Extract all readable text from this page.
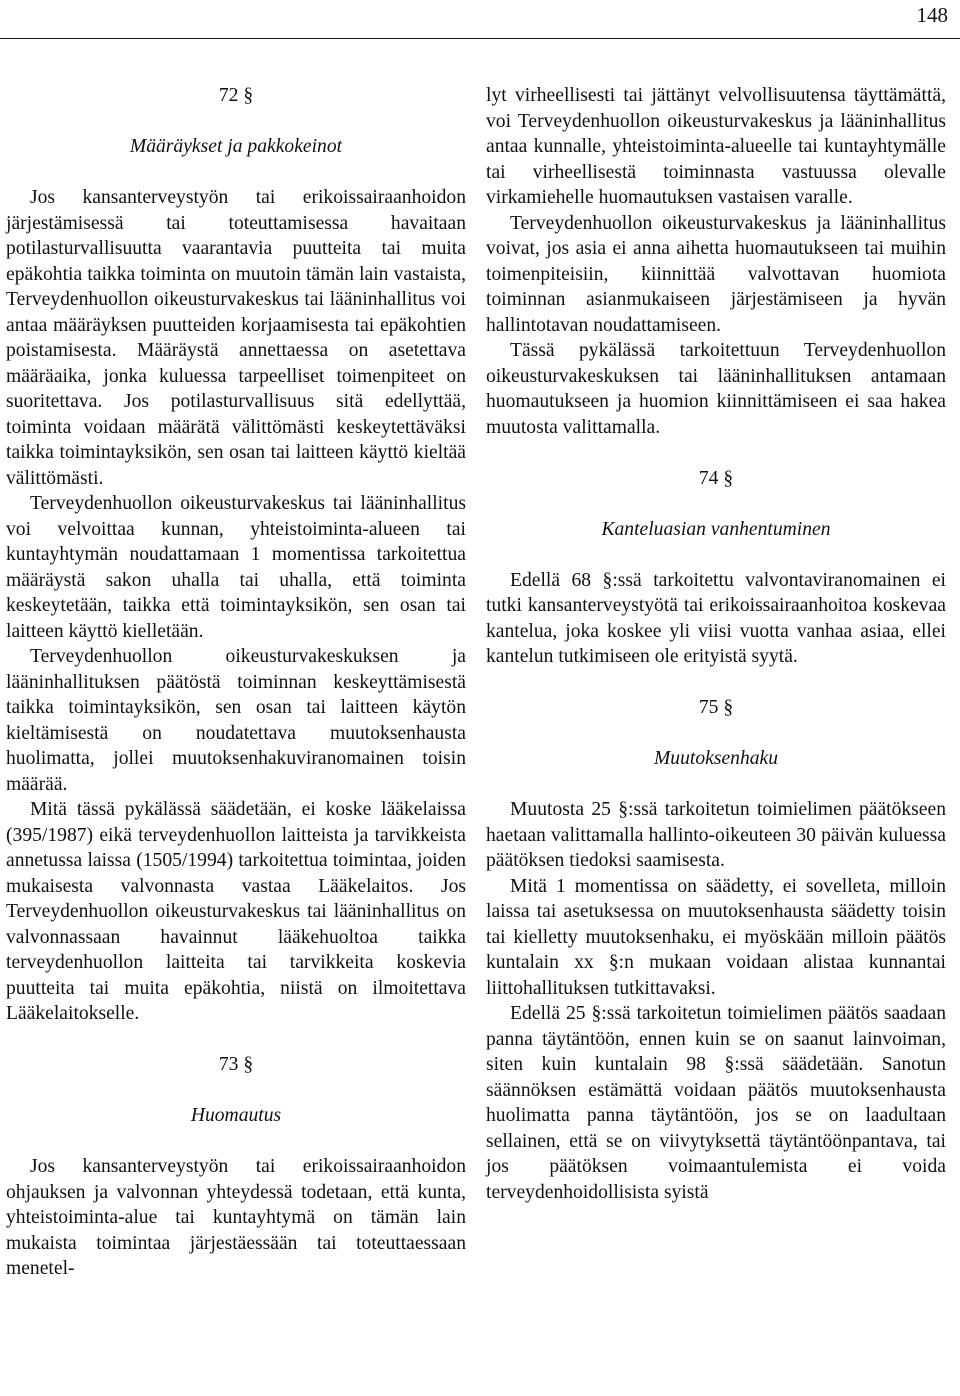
148
72 §
Määräykset ja pakkokeinot

Jos kansanterveystyön tai erikoissairaanhoidon järjestämisessä tai toteuttamisessa havaitaan potilasturvallisuutta vaarantavia puutteita tai muita epäkohtia taikka toiminta on muutoin tämän lain vastaista, Terveydenhuollon oikeusturvakeskus tai lääninhallitus voi antaa määräyksen puutteiden korjaamisesta tai epäkohtien poistamisesta. Määräystä annettaessa on asetettava määräaika, jonka kuluessa tarpeelliset toimenpiteet on suoritettava. Jos potilasturvallisuus sitä edellyttää, toiminta voidaan määrätä välittömästi keskeytettäväksi taikka toimintayksikön, sen osan tai laitteen käyttö kieltää välittömästi.

Terveydenhuollon oikeusturvakeskus tai lääninhallitus voi velvoittaa kunnan, yhteistoiminta-alueen tai kuntayhtymän noudattamaan 1 momentissa tarkoitettua määräystä sakon uhalla tai uhalla, että toiminta keskeytetään, taikka että toimintayksikön, sen osan tai laitteen käyttö kielletään.

Terveydenhuollon oikeusturvakeskuksen ja lääninhallituksen päätöstä toiminnan keskeyttämisestä taikka toimintayksikön, sen osan tai laitteen käytön kieltämisestä on noudatettava muutoksenhausta huolimatta, jollei muutoksenhakuviranomainen toisin määrää.

Mitä tässä pykälässä säädetään, ei koske lääkelaissa (395/1987) eikä terveydenhuollon laitteista ja tarvikkeista annetussa laissa (1505/1994) tarkoitettua toimintaa, joiden mukaisesta valvonnasta vastaa Lääkelaitos. Jos Terveydenhuollon oikeusturvakeskus tai lääninhallitus on valvonnassaan havainnut lääkehuoltoa taikka terveydenhuollon laitteita tai tarvikkeita koskevia puutteita tai muita epäkohtia, niistä on ilmoitettava Lääkelaitokselle.

73 §
Huomautus

Jos kansanterveystyön tai erikoissairaanhoidon ohjauksen ja valvonnan yhteydessä todetaan, että kunta, yhteistoiminta-alue tai kuntayhtymä on tämän lain mukaista toimintaa järjestäessään tai toteuttaessaan menetel-

lyt virheellisesti tai jättänyt velvollisuutensa täyttämättä, voi Terveydenhuollon oikeusturvakeskus ja lääninhallitus antaa kunnalle, yhteistoiminta-alueelle tai kuntayhtymälle tai virheellisestä toiminnasta vastuussa olevalle virkamiehelle huomautuksen vastaisen varalle.

Terveydenhuollon oikeusturvakeskus ja lääninhallitus voivat, jos asia ei anna aihetta huomautukseen tai muihin toimenpiteisiin, kiinnittää valvottavan huomiota toiminnan asianmukaiseen järjestämiseen ja hyvän hallintotavan noudattamiseen.

Tässä pykälässä tarkoitettuun Terveydenhuollon oikeusturvakeskuksen tai lääninhallituksen antamaan huomautukseen ja huomion kiinnittämiseen ei saa hakea muutosta valittamalla.

74 §
Kanteluasian vanhentuminen

Edellä 68 §:ssä tarkoitettu valvontaviranomainen ei tutki kansanterveystyötä tai erikoissairaanhoitoa koskevaa kantelua, joka koskee yli viisi vuotta vanhaa asiaa, ellei kantelun tutkimiseen ole erityistä syytä.

75 §
Muutoksenhaku

Muutosta 25 §:ssä tarkoitetun toimielimen päätökseen haetaan valittamalla hallinto-oikeuteen 30 päivän kuluessa päätöksen tiedoksi saamisesta.

Mitä 1 momentissa on säädetty, ei sovelleta, milloin laissa tai asetuksessa on muutoksenhausta säädetty toisin tai kielletty muutoksenhaku, ei myöskään milloin päätös kuntalain xx §:n mukaan voidaan alistaa kunnantai liittohallituksen tutkittavaksi.

Edellä 25 §:ssä tarkoitetun toimielimen päätös saadaan panna täytäntöön, ennen kuin se on saanut lainvoiman, siten kuin kuntalain 98 §:ssä säädetään. Sanotun säännöksen estämättä voidaan päätös muutoksenhausta huolimatta panna täytäntöön, jos se on laadultaan sellainen, että se on viivytyksettä täytäntöönpantava, tai jos päätöksen voimaantulemista ei voida terveydenhoidollisista syistä
